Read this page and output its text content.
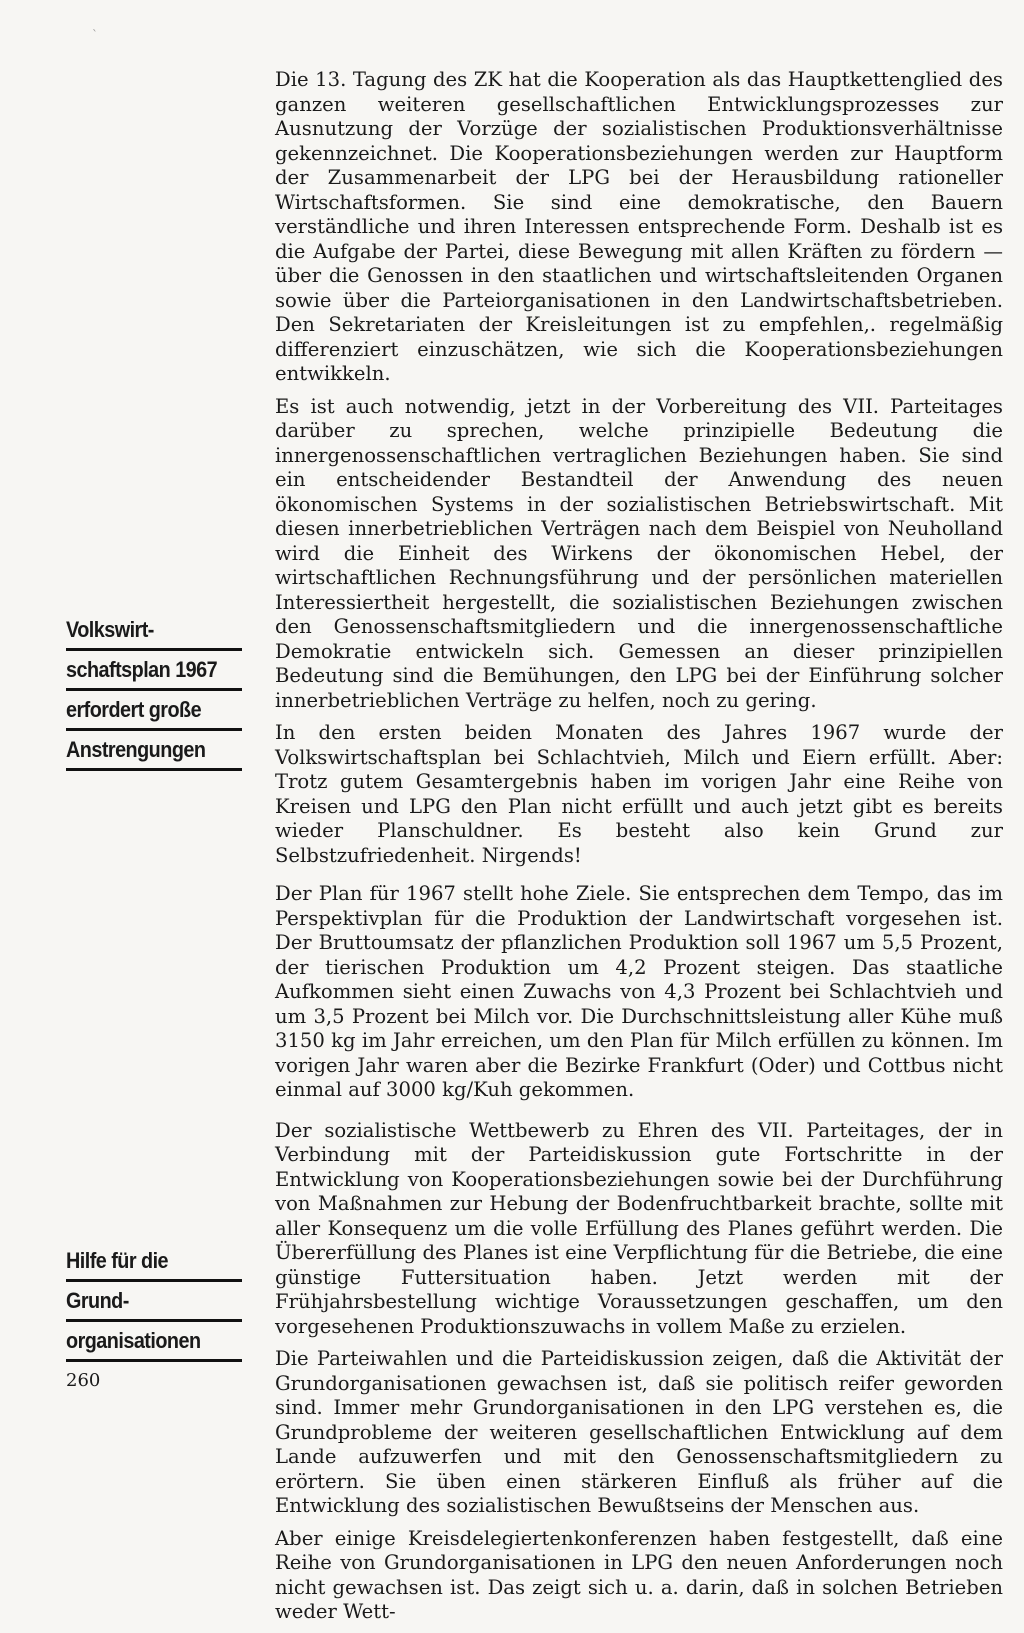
`

Die 13. Tagung des ZK hat die Kooperation als das Hauptkettenglied des ganzen weiteren gesellschaftlichen Entwicklungsprozesses zur Ausnutzung der Vorzüge der sozialistischen Produktionsverhältnisse gekennzeichnet. Die Kooperationsbeziehungen werden zur Hauptform der Zusammenarbeit der LPG bei der Herausbildung rationeller Wirtschaftsformen. Sie sind eine demokratische, den Bauern verständliche und ihren Interessen entsprechende Form. Deshalb ist es die Aufgabe der Partei, diese Bewegung mit allen Kräften zu fördern — über die Genossen in den staatlichen und wirtschaftsleitenden Organen sowie über die Parteiorganisationen in den Landwirtschaftsbetrieben. Den Sekretariaten der Kreisleitungen ist zu empfehlen,. regelmäßig differenziert einzuschätzen, wie sich die Kooperationsbeziehungen entwikkeln.

Es ist auch notwendig, jetzt in der Vorbereitung des VII. Parteitages darüber zu sprechen, welche prinzipielle Bedeutung die innergenossenschaftlichen vertraglichen Beziehungen haben. Sie sind ein entscheidender Bestandteil der Anwendung des neuen ökonomischen Systems in der sozialistischen Betriebswirtschaft. Mit diesen innerbetrieblichen Verträgen nach dem Beispiel von Neuholland wird die Einheit des Wirkens der ökonomischen Hebel, der wirtschaftlichen Rechnungsführung und der persönlichen materiellen Interessiertheit hergestellt, die sozialistischen Beziehungen zwischen den Genossenschaftsmitgliedern und die innergenossenschaftliche Demokratie entwickeln sich. Gemessen an dieser prinzipiellen Bedeutung sind die Bemühungen, den LPG bei der Einführung solcher innerbetrieblichen Verträge zu helfen, noch zu gering.

In den ersten beiden Monaten des Jahres 1967 wurde der Volkswirtschaftsplan bei Schlachtvieh, Milch und Eiern erfüllt. Aber: Trotz gutem Gesamtergebnis haben im vorigen Jahr eine Reihe von Kreisen und LPG den Plan nicht erfüllt und auch jetzt gibt es bereits wieder Planschuldner. Es besteht also kein Grund zur Selbstzufriedenheit. Nirgends!

Der Plan für 1967 stellt hohe Ziele. Sie entsprechen dem Tempo, das im Perspektivplan für die Produktion der Landwirtschaft vorgesehen ist. Der Bruttoumsatz der pflanzlichen Produktion soll 1967 um 5,5 Prozent, der tierischen Produktion um 4,2 Prozent steigen. Das staatliche Aufkommen sieht einen Zuwachs von 4,3 Prozent bei Schlachtvieh und um 3,5 Prozent bei Milch vor. Die Durchschnittsleistung aller Kühe muß 3150 kg im Jahr erreichen, um den Plan für Milch erfüllen zu können. Im vorigen Jahr waren aber die Bezirke Frankfurt (Oder) und Cottbus nicht einmal auf 3000 kg/Kuh gekommen.

Der sozialistische Wettbewerb zu Ehren des VII. Parteitages, der in Verbindung mit der Parteidiskussion gute Fortschritte in der Entwicklung von Kooperationsbeziehungen sowie bei der Durchführung von Maßnahmen zur Hebung der Bodenfruchtbarkeit brachte, sollte mit aller Konsequenz um die volle Erfüllung des Planes geführt werden. Die Übererfüllung des Planes ist eine Verpflichtung für die Betriebe, die eine günstige Futtersituation haben. Jetzt werden mit der Frühjahrsbestellung wichtige Voraussetzungen geschaffen, um den vorgesehenen Produktionszuwachs in vollem Maße zu erzielen.

Die Parteiwahlen und die Parteidiskussion zeigen, daß die Aktivität der Grundorganisationen gewachsen ist, daß sie politisch reifer geworden sind. Immer mehr Grundorganisationen in den LPG verstehen es, die Grundprobleme der weiteren gesellschaftlichen Entwicklung auf dem Lande aufzuwerfen und mit den Genossenschaftsmitgliedern zu erörtern. Sie üben einen stärkeren Einfluß als früher auf die Entwicklung des sozialistischen Bewußtseins der Menschen aus.

Aber einige Kreisdelegiertenkonferenzen haben festgestellt, daß eine Reihe von Grundorganisationen in LPG den neuen Anforderungen noch nicht gewachsen ist. Das zeigt sich u. a. darin, daß in solchen Betrieben weder Wett-

Volkswirt-
schaftsplan 1967
erfordert große
Anstrengungen
Hilfe für die
Grund-
organisationen
260
